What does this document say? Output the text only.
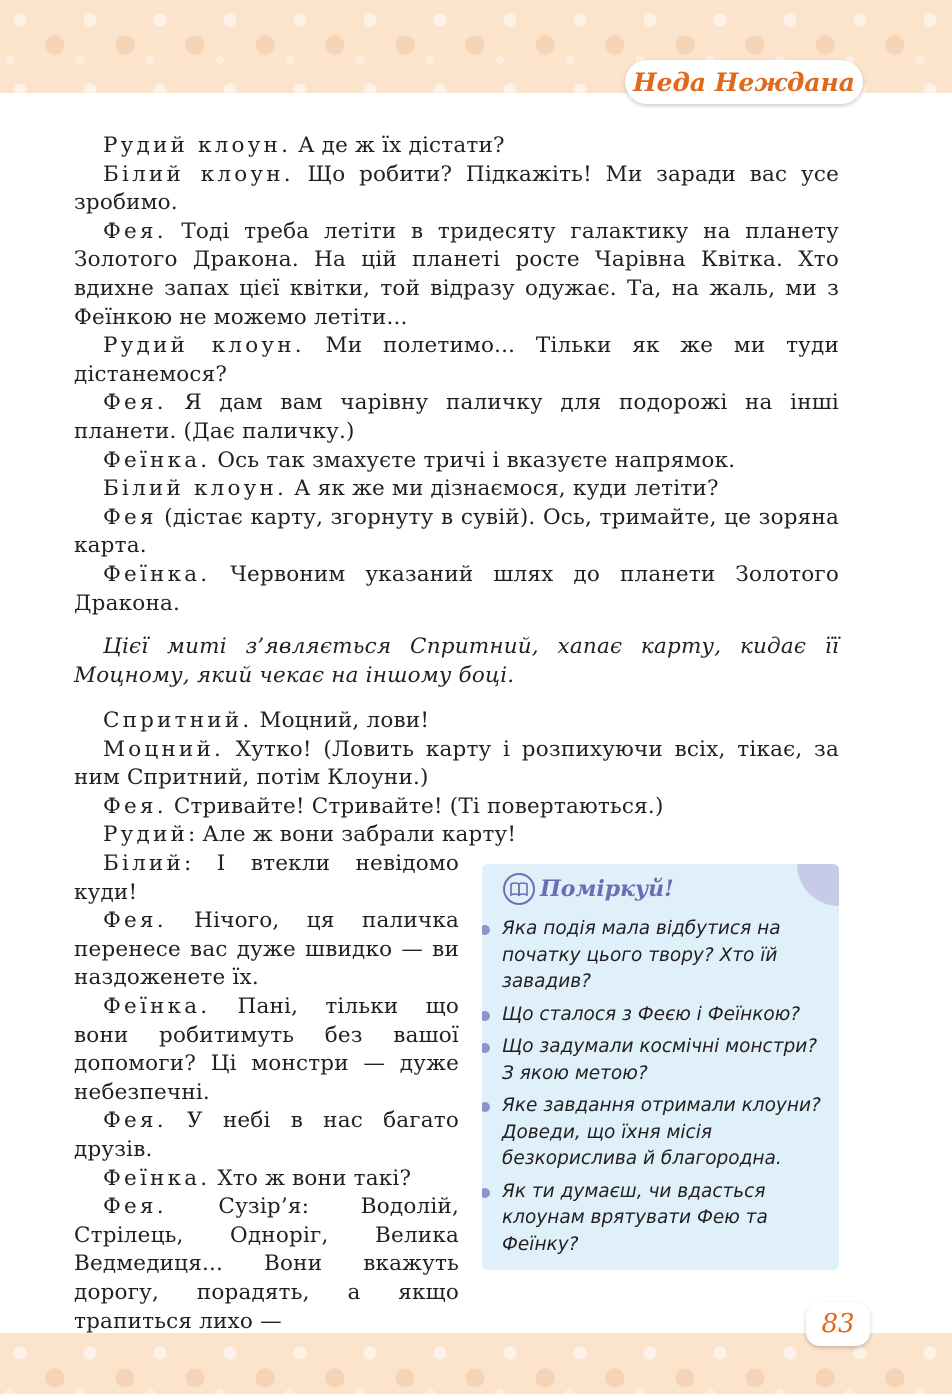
Неда Неждана

Рудий клоун. А де ж їх дістати?

Білий клоун. Що робити? Підкажіть! Ми заради вас усе зробимо.

Фея. Тоді треба летіти в тридесяту галактику на планету Золотого Дракона. На цій планеті росте Чарівна Квітка. Хто вдихне запах цієї квітки, той відразу одужає. Та, на жаль, ми з Феїнкою не можемо летіти...

Рудий клоун. Ми полетимо... Тільки як же ми туди дістанемося?

Фея. Я дам вам чарівну паличку для подорожі на інші планети. (Дає паличку.)

Феїнка. Ось так змахуєте тричі і вказуєте напрямок.

Білий клоун. А як же ми дізнаємося, куди летіти?

Фея (дістає карту, згорнуту в сувій). Ось, тримайте, це зоряна карта.

Феїнка. Червоним указаний шлях до планети Золотого Дракона.

Цієї миті з’являється Спритний, хапає карту, кидає її Моцному, який чекає на іншому боці.

Спритний. Моцний, лови!

Моцний. Хутко! (Ловить карту і розпихуючи всіх, тікає, за ним Спритний, потім Клоуни.)

Фея. Стривайте! Стривайте! (Ті повертаються.)

Рудий: Але ж вони забрали карту!

Білий: І втекли невідомо куди!

Фея. Нічого, ця паличка перенесе вас дуже швидко — ви наздоженете їх.

Феїнка. Пані, тільки що вони робитимуть без вашої допомоги? Ці монстри — дуже небезпечні.

Фея. У небі в нас багато друзів.

Феїнка. Хто ж вони такі?

Фея. Сузір’я: Водолій, Стрілець, Однoріг, Велика Ведмедиця... Вони вкажуть дорогу, порадять, а якщо трапиться лихо —

Поміркуй!
Яка подія мала відбутися на початку цього твору? Хто їй завадив?
Що сталося з Феєю і Феїнкою?
Що задумали космічні монстри? З якою метою?
Яке завдання отримали клоуни? Доведи, що їхня місія безкорислива й благородна.
Як ти думаєш, чи вдасться клоунам врятувати Фею та Феїнку?
83
